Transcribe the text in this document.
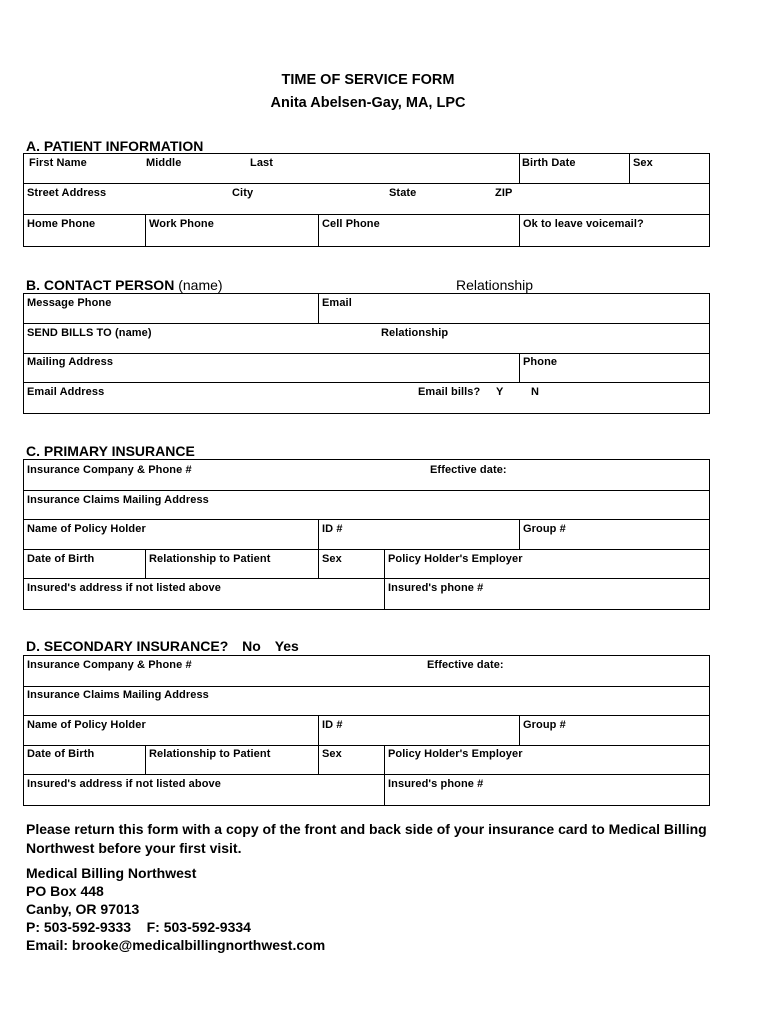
TIME OF SERVICE FORM
Anita Abelsen-Gay, MA, LPC
A. PATIENT INFORMATION
First Name	Middle	Last	Birth Date	Sex
Street Address	City	State	ZIP
Home Phone	Work Phone	Cell Phone	Ok to leave voicemail?
B. CONTACT PERSON (name)	Relationship
Message Phone	Email
SEND BILLS TO (name)	Relationship
Mailing Address	Phone
Email Address	Email bills? Y	N
C. PRIMARY INSURANCE
Insurance Company & Phone #	Effective date:
Insurance Claims Mailing Address
Name of Policy Holder	ID #	Group #
Date of Birth	Relationship to Patient	Sex	Policy Holder's Employer
Insured's address if not listed above	Insured's phone #
D. SECONDARY INSURANCE? No Yes
Insurance Company & Phone #	Effective date:
Insurance Claims Mailing Address
Name of Policy Holder	ID #	Group #
Date of Birth	Relationship to Patient	Sex	Policy Holder's Employer
Insured's address if not listed above	Insured's phone #
Please return this form with a copy of the front and back side of your insurance card to Medical Billing
Northwest before your first visit.
Medical Billing Northwest
PO Box 448
Canby, OR 97013
P: 503-592-9333    F: 503-592-9334
Email: brooke@medicalbillingnorthwest.com
